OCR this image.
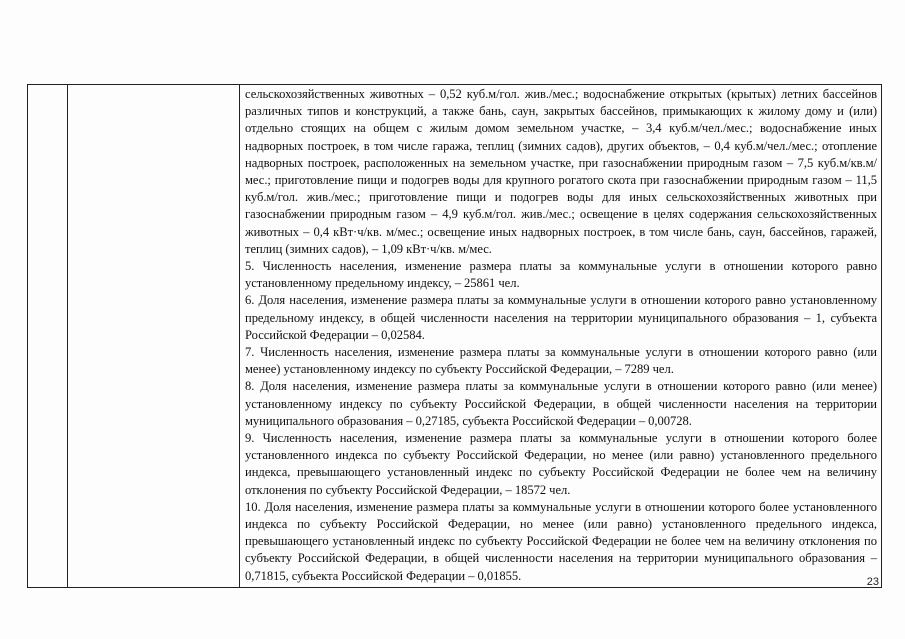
сельскохозяйственных животных – 0,52 куб.м/гол. жив./мес.; водоснабжение открытых (крытых) летних бассейнов различных типов и конструкций, а также бань, саун, закрытых бассейнов, примыкающих к жилому дому и (или) отдельно стоящих на общем с жилым домом земельном участке, – 3,4 куб.м/чел./мес.; водоснабжение иных надворных построек, в том числе гаража, теплиц (зимних садов), других объектов, – 0,4 куб.м/чел./мес.; отопление надворных построек, расположенных на земельном участке, при газоснабжении природным газом – 7,5 куб.м/кв.м/мес.; приготовление пищи и подогрев воды для крупного рогатого скота при газоснабжении природным газом – 11,5 куб.м/гол. жив./мес.; приготовление пищи и подогрев воды для иных сельскохозяйственных животных при газоснабжении природным газом – 4,9 куб.м/гол. жив./мес.; освещение в целях содержания сельскохозяйственных животных – 0,4 кВт·ч/кв. м/мес.; освещение иных надворных построек, в том числе бань, саун, бассейнов, гаражей, теплиц (зимних садов), – 1,09 кВт·ч/кв. м/мес.

5. Численность населения, изменение размера платы за коммунальные услуги в отношении которого равно установленному предельному индексу, – 25861 чел.

6. Доля населения, изменение размера платы за коммунальные услуги в отношении которого равно установленному предельному индексу, в общей численности населения на территории муниципального образования – 1, субъекта Российской Федерации – 0,02584.

7. Численность населения, изменение размера платы за коммунальные услуги в отношении которого равно (или менее) установленному индексу по субъекту Российской Федерации, – 7289 чел.

8. Доля населения, изменение размера платы за коммунальные услуги в отношении которого равно (или менее) установленному индексу по субъекту Российской Федерации, в общей численности населения на территории муниципального образования – 0,27185, субъекта Российской Федерации – 0,00728.

9. Численность населения, изменение размера платы за коммунальные услуги в отношении которого более установленного индекса по субъекту Российской Федерации, но менее (или равно) установленного предельного индекса, превышающего установленный индекс по субъекту Российской Федерации не более чем на величину отклонения по субъекту Российской Федерации, – 18572 чел.

10. Доля населения, изменение размера платы за коммунальные услуги в отношении которого более установленного индекса по субъекту Российской Федерации, но менее (или равно) установленного предельного индекса, превышающего установленный индекс по субъекту Российской Федерации не более чем на величину отклонения по субъекту Российской Федерации, в общей численности населения на территории муниципального образования – 0,71815, субъекта Российской Федерации – 0,01855.	23
